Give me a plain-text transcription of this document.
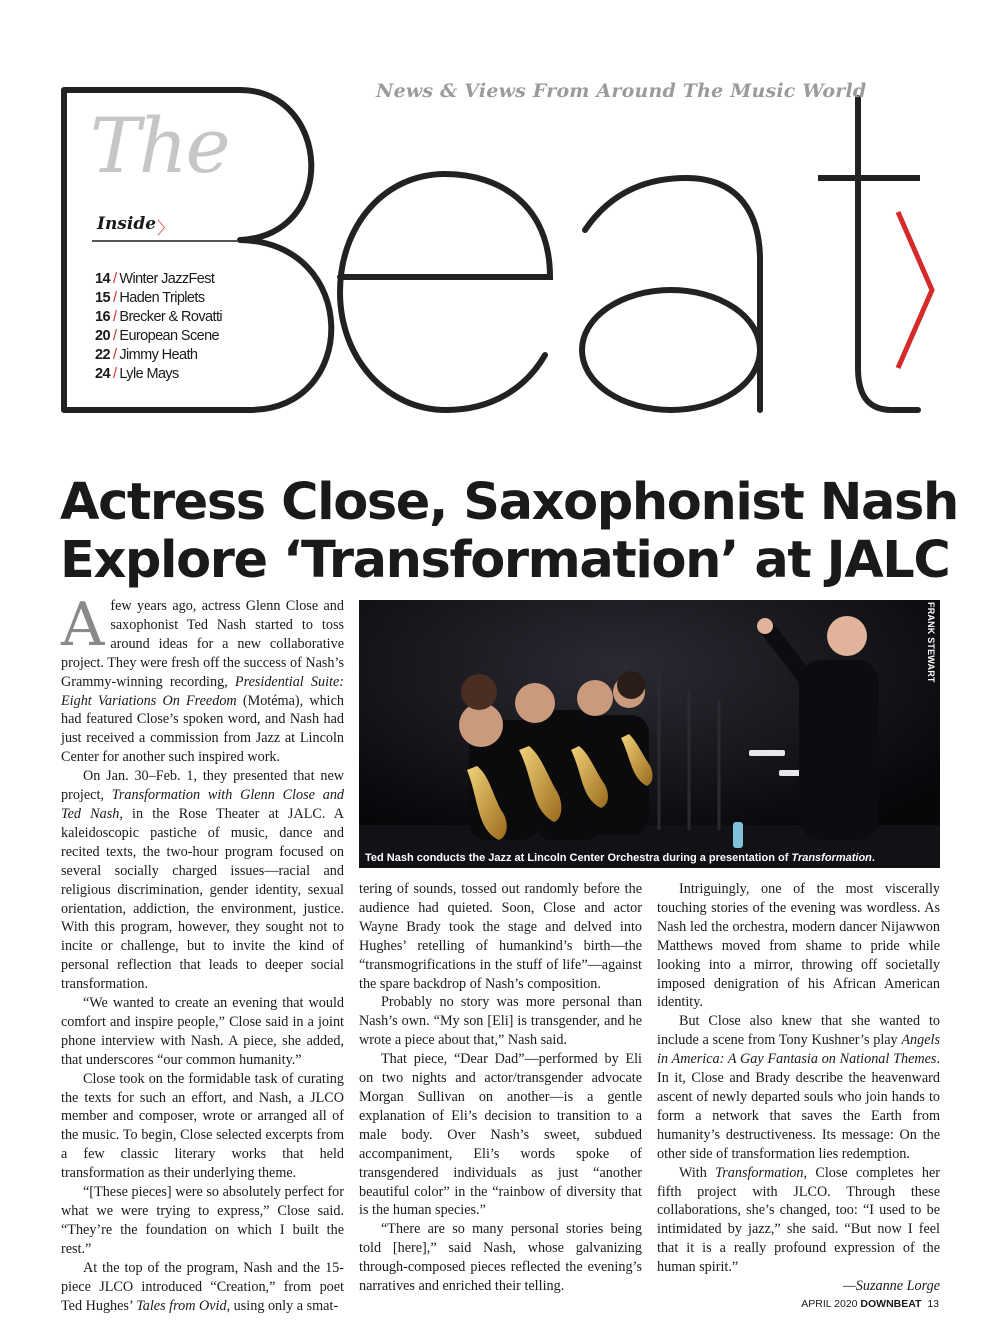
News & Views From Around The Music World
The
Inside 〉
14 / Winter JazzFest
15 / Haden Triplets
16 / Brecker & Rovatti
20 / European Scene
22 / Jimmy Heath
24 / Lyle Mays
Actress Close, Saxophonist Nash
Explore ‘Transformation’ at JALC
Ted Nash conducts the Jazz at Lincoln Center Orchestra during a presentation of Transformation.
FRANK STEWART

Afew years ago, actress Glenn Close and saxophonist Ted Nash started to toss around ideas for a new collaborative project. They were fresh off the success of Nash’s Grammy-winning recording, Presidential Suite: Eight Variations On Freedom (Motéma), which had featured Close’s spoken word, and Nash had just received a commission from Jazz at Lincoln Center for another such inspired work.

On Jan. 30–Feb. 1, they presented that new project, Transformation with Glenn Close and Ted Nash, in the Rose Theater at JALC. A kaleidoscopic pastiche of music, dance and recited texts, the two-hour program focused on several socially charged issues—racial and religious discrimination, gender identity, sexual orientation, addiction, the environment, justice. With this program, however, they sought not to incite or challenge, but to invite the kind of personal reflection that leads to deeper social transformation.

“We wanted to create an evening that would comfort and inspire people,” Close said in a joint phone interview with Nash. A piece, she added, that underscores “our common humanity.”

Close took on the formidable task of curating the texts for such an effort, and Nash, a JLCO member and composer, wrote or arranged all of the music. To begin, Close selected excerpts from a few classic literary works that held transformation as their underlying theme.

“[These pieces] were so absolutely perfect for what we were trying to express,” Close said. “They’re the foundation on which I built the rest.”

At the top of the program, Nash and the 15-piece JLCO introduced “Creation,” from poet Ted Hughes’ Tales from Ovid, using only a smat-

tering of sounds, tossed out randomly before the audience had quieted. Soon, Close and actor Wayne Brady took the stage and delved into Hughes’ retelling of humankind’s birth—the “transmogrifications in the stuff of life”—against the spare backdrop of Nash’s composition.

Probably no story was more personal than Nash’s own. “My son [Eli] is transgender, and he wrote a piece about that,” Nash said.

That piece, “Dear Dad”—performed by Eli on two nights and actor/transgender advocate Morgan Sullivan on another—is a gentle explanation of Eli’s decision to transition to a male body. Over Nash’s sweet, subdued accompaniment, Eli’s words spoke of transgendered individuals as just “another beautiful color” in the “rainbow of diversity that is the human species.”

“There are so many personal stories being told [here],” said Nash, whose galvanizing through-composed pieces reflected the evening’s narratives and enriched their telling.

Intriguingly, one of the most viscerally touching stories of the evening was wordless. As Nash led the orchestra, modern dancer Nijawwon Matthews moved from shame to pride while looking into a mirror, throwing off societally imposed denigration of his African American identity.

But Close also knew that she wanted to include a scene from Tony Kushner’s play Angels in America: A Gay Fantasia on National Themes. In it, Close and Brady describe the heavenward ascent of newly departed souls who join hands to form a network that saves the Earth from humanity’s destructiveness. Its message: On the other side of transformation lies redemption.

With Transformation, Close completes her fifth project with JLCO. Through these collaborations, she’s changed, too: “I used to be intimidated by jazz,” she said. “But now I feel that it is a really profound expression of the human spirit.”

—Suzanne Lorge

APRIL 2020 DOWNBEAT 13
